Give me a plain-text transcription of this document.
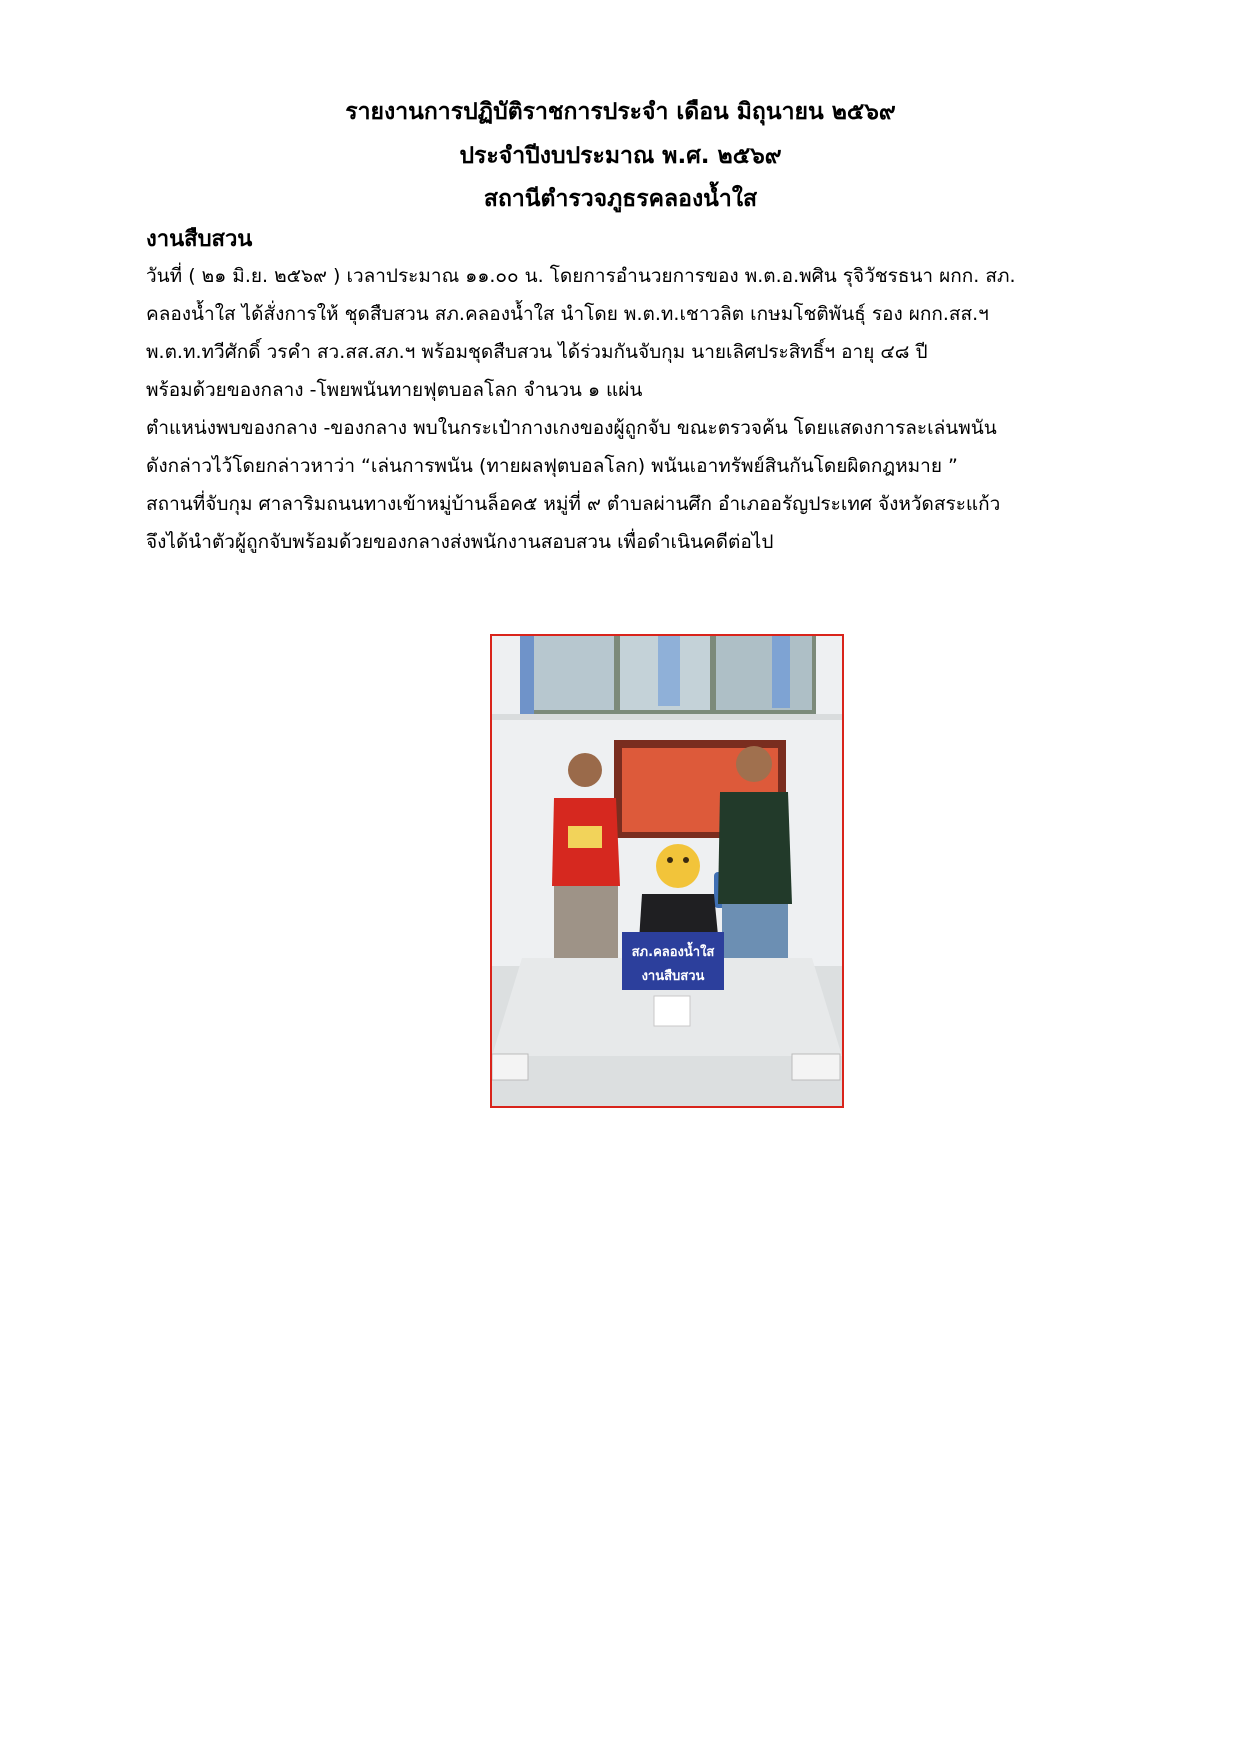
รายงานการปฏิบัติราชการประจำ เดือน มิถุนายน ๒๕๖๙
ประจำปีงบประมาณ พ.ศ. ๒๕๖๙
สถานีตำรวจภูธรคลองน้ำใส
งานสืบสวน
วันที่ ( ๒๑ มิ.ย. ๒๕๖๙ ) เวลาประมาณ ๑๑.๐๐ น. โดยการอำนวยการของ พ.ต.อ.พศิน รุจิวัชรธนา ผกก. สภ.
คลองน้ำใส ได้สั่งการให้ ชุดสืบสวน สภ.คลองน้ำใส นำโดย พ.ต.ท.เชาวลิต เกษมโชติพันธุ์ รอง ผกก.สส.ฯ
พ.ต.ท.ทวีศักดิ์ วรคำ สว.สส.สภ.ฯ พร้อมชุดสืบสวน ได้ร่วมกันจับกุม นายเลิศประสิทธิ์ฯ อายุ ๔๘ ปี
พร้อมด้วยของกลาง -โพยพนันทายฟุตบอลโลก จำนวน ๑ แผ่น
ตำแหน่งพบของกลาง -ของกลาง พบในกระเป๋ากางเกงของผู้ถูกจับ ขณะตรวจค้น โดยแสดงการละเล่นพนัน
ดังกล่าวไว้โดยกล่าวหาว่า “เล่นการพนัน (ทายผลฟุตบอลโลก) พนันเอาทรัพย์สินกันโดยผิดกฎหมาย ”
สถานที่จับกุม ศาลาริมถนนทางเข้าหมู่บ้านล็อค๕ หมู่ที่ ๙ ตำบลผ่านศึก อำเภออรัญประเทศ จังหวัดสระแก้ว
จึงได้นำตัวผู้ถูกจับพร้อมด้วยของกลางส่งพนักงานสอบสวน เพื่อดำเนินคดีต่อไป
สภ.คลองน้ำใส
งานสืบสวน
